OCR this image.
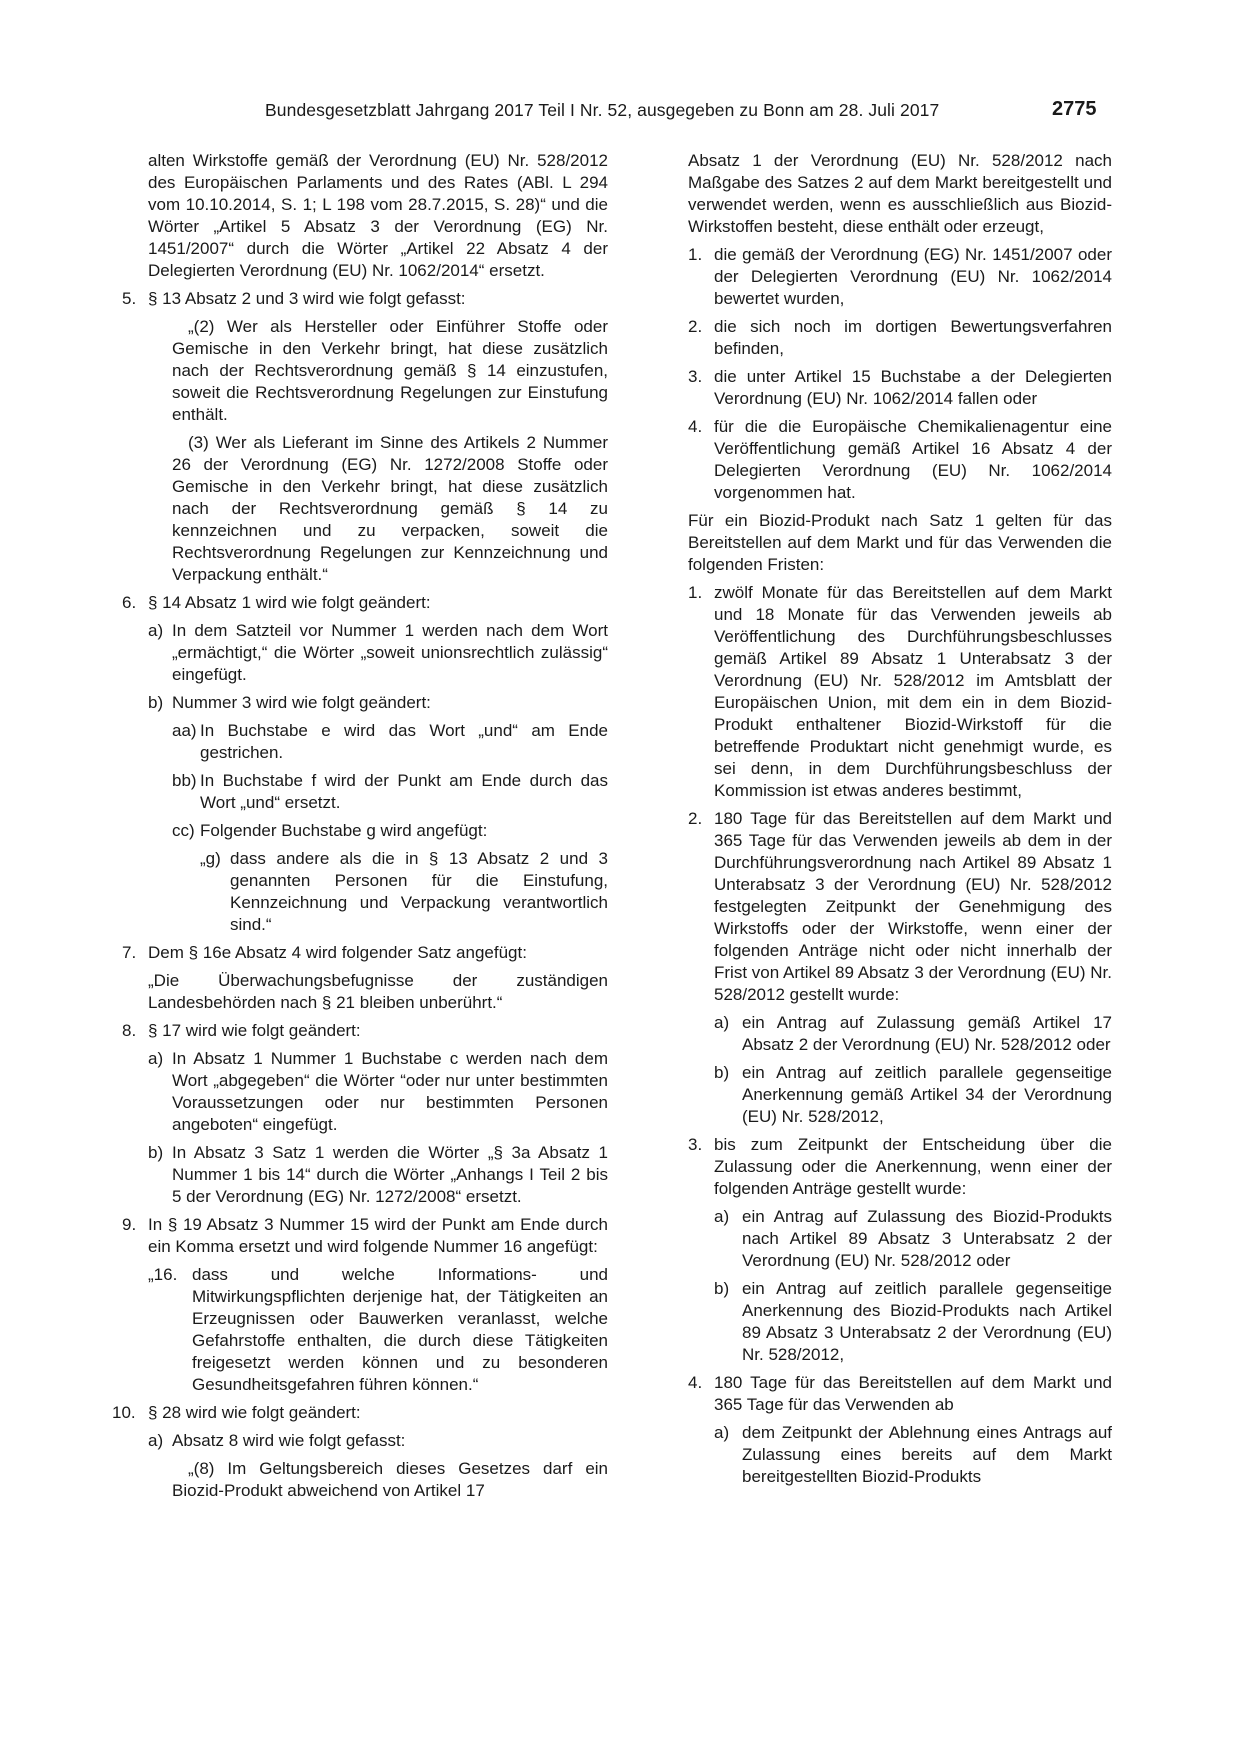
Bundesgesetzblatt Jahrgang 2017 Teil I Nr. 52, ausgegeben zu Bonn am 28. Juli 2017	2775

alten Wirkstoffe gemäß der Verordnung (EU) Nr. 528/2012 des Europäischen Parlaments und des Rates (ABl. L 294 vom 10.10.2014, S. 1; L 198 vom 28.7.2015, S. 28)“ und die Wörter „Artikel 5 Absatz 3 der Verordnung (EG) Nr. 1451/2007“ durch die Wörter „Artikel 22 Absatz 4 der Delegierten Verordnung (EU) Nr. 1062/2014“ ersetzt.

5. § 13 Absatz 2 und 3 wird wie folgt gefasst:

„(2) Wer als Hersteller oder Einführer Stoffe oder Gemische in den Verkehr bringt, hat diese zusätzlich nach der Rechtsverordnung gemäß § 14 einzustufen, soweit die Rechtsverordnung Regelungen zur Einstufung enthält.

(3) Wer als Lieferant im Sinne des Artikels 2 Nummer 26 der Verordnung (EG) Nr. 1272/2008 Stoffe oder Gemische in den Verkehr bringt, hat diese zusätzlich nach der Rechtsverordnung gemäß § 14 zu kennzeichnen und zu verpacken, soweit die Rechtsverordnung Regelungen zur Kennzeichnung und Verpackung enthält.“

6. § 14 Absatz 1 wird wie folgt geändert:

a) In dem Satzteil vor Nummer 1 werden nach dem Wort „ermächtigt,“ die Wörter „soweit unionsrechtlich zulässig“ eingefügt.

b) Nummer 3 wird wie folgt geändert:

aa) In Buchstabe e wird das Wort „und“ am Ende gestrichen.

bb) In Buchstabe f wird der Punkt am Ende durch das Wort „und“ ersetzt.

cc) Folgender Buchstabe g wird angefügt:

„g) dass andere als die in § 13 Absatz 2 und 3 genannten Personen für die Einstufung, Kennzeichnung und Verpackung verantwortlich sind.“

7. Dem § 16e Absatz 4 wird folgender Satz angefügt:

„Die Überwachungsbefugnisse der zuständigen Landesbehörden nach § 21 bleiben unberührt.“

8. § 17 wird wie folgt geändert:

a) In Absatz 1 Nummer 1 Buchstabe c werden nach dem Wort „abgegeben“ die Wörter “oder nur unter bestimmten Voraussetzungen oder nur bestimmten Personen angeboten“ eingefügt.

b) In Absatz 3 Satz 1 werden die Wörter „§ 3a Absatz 1 Nummer 1 bis 14“ durch die Wörter „Anhangs I Teil 2 bis 5 der Verordnung (EG) Nr. 1272/2008“ ersetzt.

9. In § 19 Absatz 3 Nummer 15 wird der Punkt am Ende durch ein Komma ersetzt und wird folgende Nummer 16 angefügt:

„16. dass und welche Informations- und Mitwirkungspflichten derjenige hat, der Tätigkeiten an Erzeugnissen oder Bauwerken veranlasst, welche Gefahrstoffe enthalten, die durch diese Tätigkeiten freigesetzt werden können und zu besonderen Gesundheitsgefahren führen können.“

10. § 28 wird wie folgt geändert:

a) Absatz 8 wird wie folgt gefasst:

„(8) Im Geltungsbereich dieses Gesetzes darf ein Biozid-Produkt abweichend von Artikel 17

Absatz 1 der Verordnung (EU) Nr. 528/2012 nach Maßgabe des Satzes 2 auf dem Markt bereitgestellt und verwendet werden, wenn es ausschließlich aus Biozid-Wirkstoffen besteht, diese enthält oder erzeugt,

1. die gemäß der Verordnung (EG) Nr. 1451/2007 oder der Delegierten Verordnung (EU) Nr. 1062/2014 bewertet wurden,

2. die sich noch im dortigen Bewertungsverfahren befinden,

3. die unter Artikel 15 Buchstabe a der Delegierten Verordnung (EU) Nr. 1062/2014 fallen oder

4. für die die Europäische Chemikalienagentur eine Veröffentlichung gemäß Artikel 16 Absatz 4 der Delegierten Verordnung (EU) Nr. 1062/2014 vorgenommen hat.

Für ein Biozid-Produkt nach Satz 1 gelten für das Bereitstellen auf dem Markt und für das Verwenden die folgenden Fristen:

1. zwölf Monate für das Bereitstellen auf dem Markt und 18 Monate für das Verwenden jeweils ab Veröffentlichung des Durchführungsbeschlusses gemäß Artikel 89 Absatz 1 Unterabsatz 3 der Verordnung (EU) Nr. 528/2012 im Amtsblatt der Europäischen Union, mit dem ein in dem Biozid-Produkt enthaltener Biozid-Wirkstoff für die betreffende Produktart nicht genehmigt wurde, es sei denn, in dem Durchführungsbeschluss der Kommission ist etwas anderes bestimmt,

2. 180 Tage für das Bereitstellen auf dem Markt und 365 Tage für das Verwenden jeweils ab dem in der Durchführungsverordnung nach Artikel 89 Absatz 1 Unterabsatz 3 der Verordnung (EU) Nr. 528/2012 festgelegten Zeitpunkt der Genehmigung des Wirkstoffs oder der Wirkstoffe, wenn einer der folgenden Anträge nicht oder nicht innerhalb der Frist von Artikel 89 Absatz 3 der Verordnung (EU) Nr. 528/2012 gestellt wurde:

a) ein Antrag auf Zulassung gemäß Artikel 17 Absatz 2 der Verordnung (EU) Nr. 528/2012 oder

b) ein Antrag auf zeitlich parallele gegenseitige Anerkennung gemäß Artikel 34 der Verordnung (EU) Nr. 528/2012,

3. bis zum Zeitpunkt der Entscheidung über die Zulassung oder die Anerkennung, wenn einer der folgenden Anträge gestellt wurde:

a) ein Antrag auf Zulassung des Biozid-Produkts nach Artikel 89 Absatz 3 Unterabsatz 2 der Verordnung (EU) Nr. 528/2012 oder

b) ein Antrag auf zeitlich parallele gegenseitige Anerkennung des Biozid-Produkts nach Artikel 89 Absatz 3 Unterabsatz 2 der Verordnung (EU) Nr. 528/2012,

4. 180 Tage für das Bereitstellen auf dem Markt und 365 Tage für das Verwenden ab

a) dem Zeitpunkt der Ablehnung eines Antrags auf Zulassung eines bereits auf dem Markt bereitgestellten Biozid-Produkts
